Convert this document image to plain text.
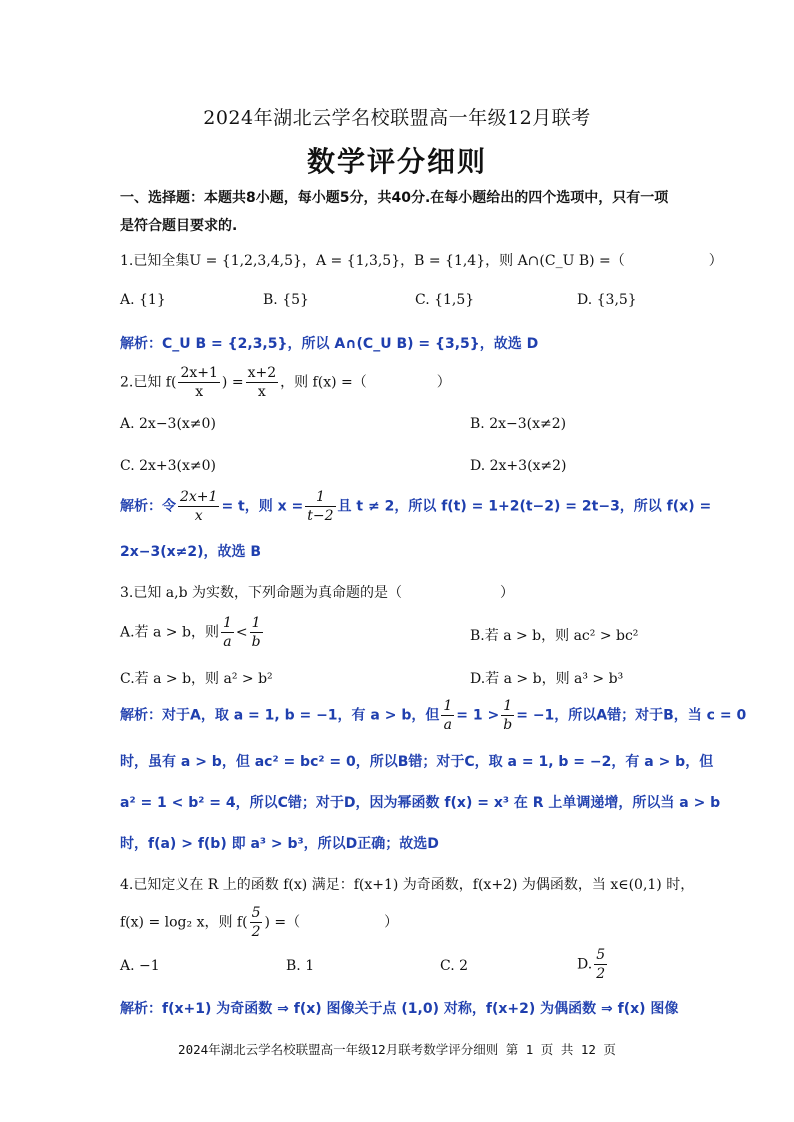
2024年湖北云学名校联盟高一年级12月联考
数学评分细则
一、选择题：本题共8小题，每小题5分，共40分.在每小题给出的四个选项中，只有一项
是符合题目要求的.
1.已知全集U = {1,2,3,4,5}，A = {1,3,5}，B = {1,4}，则 A∩(C_U B) =（　　　　　　）
A. {1}	B. {5}	C. {1,5}	D. {3,5}
解析：C_U B = {2,3,5}，所以 A∩(C_U B) = {3,5}，故选 D
2.已知 $f( \frac{2x+1}{x}$ ) = $\frac{x+2}{x}$ ，则 f(x) =（　　　　　）
A. 2x−3(x≠0)	B. 2x−3(x≠2)
C. 2x+3(x≠0)	D. 2x+3(x≠2)
解析：令 $\frac{2x+1}{x} = t$，则 $x = \frac{1}{t-2}$ 且 t ≠ 2，所以 f(t) = 1+2(t−2) = 2t−3，所以 f(x) =
2x−3(x≠2)，故选 B
3.已知 a,b 为实数，下列命题为真命题的是（　　　　　　　）
A.若 a > b，则 $\frac{1}{a} < \frac{1}{b}$	B.若 a > b，则 ac² > bc²
C.若 a > b，则 a² > b²	D.若 a > b，则 a³ > b³
解析：对于A，取 a = 1, b = −1，有 a > b，但 $\frac{1}{a} = 1 > \frac{1}{b} = -1$，所以A错；对于B，当 c = 0
时，虽有 a > b，但 ac² = bc² = 0，所以B错；对于C，取 a = 1, b = −2，有 a > b，但
a² = 1 < b² = 4，所以C错；对于D，因为幂函数 f(x) = x³ 在 R 上单调递增，所以当 a > b
时，f(a) > f(b) 即 a³ > b³，所以D正确；故选D
4.已知定义在 R 上的函数 f(x) 满足：f(x+1) 为奇函数，f(x+2) 为偶函数，当 x∈(0,1) 时，
f(x) = log₂ x，则 $f( \frac{5}{2}$ ) =（　　　　　　）
A. −1	B. 1	C. 2	D. $\frac{5}{2}$
解析：f(x+1) 为奇函数 ⇒ f(x) 图像关于点 (1,0) 对称，f(x+2) 为偶函数 ⇒ f(x) 图像
2024年湖北云学名校联盟高一年级12月联考数学评分细则 第 1 页 共 12 页
